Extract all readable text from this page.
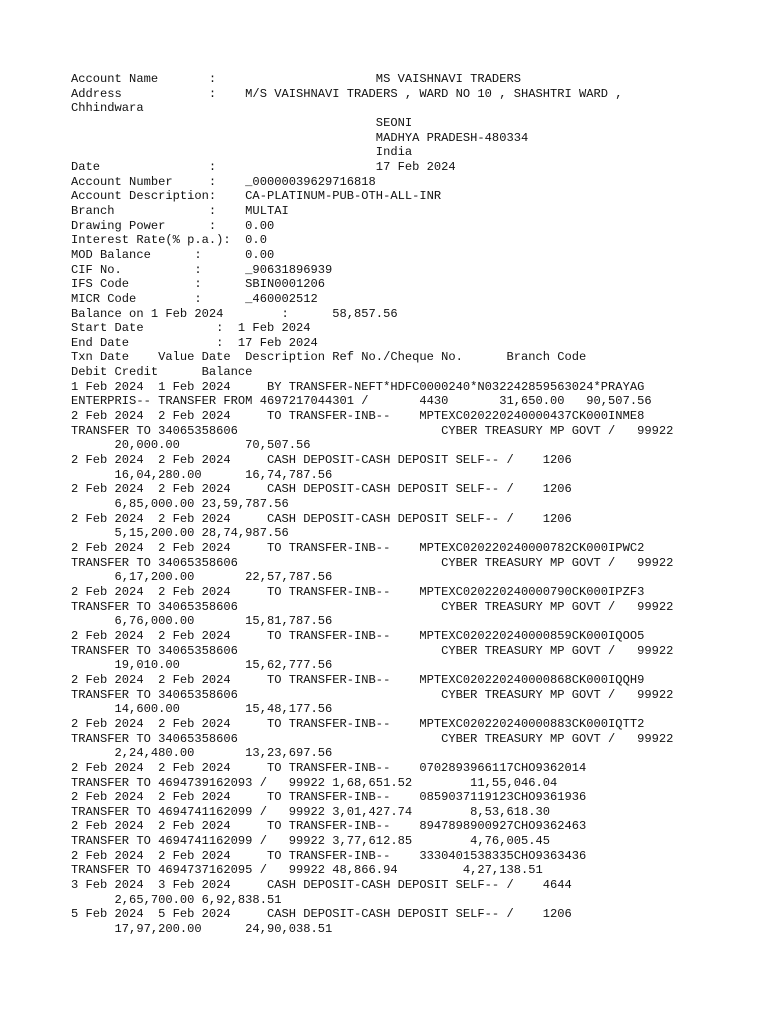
Account Name       :                      MS VAISHNAVI TRADERS
Address            :    M/S VAISHNAVI TRADERS , WARD NO 10 , SHASHTRI WARD ,
Chhindwara
SEONI
MADHYA PRADESH-480334
India
Date               :                      17 Feb 2024
Account Number     :    _00000039629716818
Account Description:    CA-PLATINUM-PUB-OTH-ALL-INR
Branch             :    MULTAI
Drawing Power      :    0.00
Interest Rate(% p.a.):  0.0
MOD Balance      :      0.00
CIF No.          :      _90631896939
IFS Code         :      SBIN0001206
MICR Code        :      _460002512
Balance on 1 Feb 2024        :      58,857.56
Start Date          :  1 Feb 2024
End Date            :  17 Feb 2024
Txn Date    Value Date  Description Ref No./Cheque No.      Branch Code
Debit Credit      Balance
1 Feb 2024  1 Feb 2024     BY TRANSFER-NEFT*HDFC0000240*N032242859563024*PRAYAG
ENTERPRIS-- TRANSFER FROM 4697217044301 /       4430       31,650.00   90,507.56
2 Feb 2024  2 Feb 2024     TO TRANSFER-INB--    MPTEXC020220240000437CK000INME8
TRANSFER TO 34065358606                            CYBER TREASURY MP GOVT /   99922
20,000.00         70,507.56
2 Feb 2024  2 Feb 2024     CASH DEPOSIT-CASH DEPOSIT SELF-- /    1206
16,04,280.00      16,74,787.56
2 Feb 2024  2 Feb 2024     CASH DEPOSIT-CASH DEPOSIT SELF-- /    1206
6,85,000.00 23,59,787.56
2 Feb 2024  2 Feb 2024     CASH DEPOSIT-CASH DEPOSIT SELF-- /    1206
5,15,200.00 28,74,987.56
2 Feb 2024  2 Feb 2024     TO TRANSFER-INB--    MPTEXC020220240000782CK000IPWC2
TRANSFER TO 34065358606                            CYBER TREASURY MP GOVT /   99922
6,17,200.00       22,57,787.56
2 Feb 2024  2 Feb 2024     TO TRANSFER-INB--    MPTEXC020220240000790CK000IPZF3
TRANSFER TO 34065358606                            CYBER TREASURY MP GOVT /   99922
6,76,000.00       15,81,787.56
2 Feb 2024  2 Feb 2024     TO TRANSFER-INB--    MPTEXC020220240000859CK000IQOO5
TRANSFER TO 34065358606                            CYBER TREASURY MP GOVT /   99922
19,010.00         15,62,777.56
2 Feb 2024  2 Feb 2024     TO TRANSFER-INB--    MPTEXC020220240000868CK000IQQH9
TRANSFER TO 34065358606                            CYBER TREASURY MP GOVT /   99922
14,600.00         15,48,177.56
2 Feb 2024  2 Feb 2024     TO TRANSFER-INB--    MPTEXC020220240000883CK000IQTT2
TRANSFER TO 34065358606                            CYBER TREASURY MP GOVT /   99922
2,24,480.00       13,23,697.56
2 Feb 2024  2 Feb 2024     TO TRANSFER-INB--    0702893966117CHO9362014
TRANSFER TO 4694739162093 /   99922 1,68,651.52        11,55,046.04
2 Feb 2024  2 Feb 2024     TO TRANSFER-INB--    0859037119123CHO9361936
TRANSFER TO 4694741162099 /   99922 3,01,427.74        8,53,618.30
2 Feb 2024  2 Feb 2024     TO TRANSFER-INB--    8947898900927CHO9362463
TRANSFER TO 4694741162099 /   99922 3,77,612.85        4,76,005.45
2 Feb 2024  2 Feb 2024     TO TRANSFER-INB--    3330401538335CHO9363436
TRANSFER TO 4694737162095 /   99922 48,866.94         4,27,138.51
3 Feb 2024  3 Feb 2024     CASH DEPOSIT-CASH DEPOSIT SELF-- /    4644
2,65,700.00 6,92,838.51
5 Feb 2024  5 Feb 2024     CASH DEPOSIT-CASH DEPOSIT SELF-- /    1206
17,97,200.00      24,90,038.51
